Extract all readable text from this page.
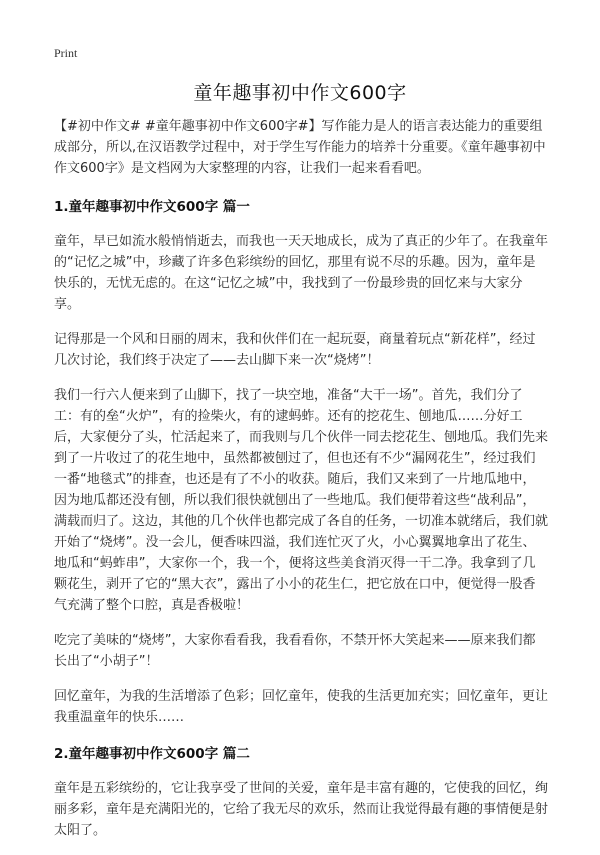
Print
童年趣事初中作文600字

【#初中作文# #童年趣事初中作文600字#】写作能力是人的语言表达能力的重要组成部分，所以,在汉语教学过程中，对于学生写作能力的培养十分重要。《童年趣事初中作文600字》是文档网为大家整理的内容，让我们一起来看看吧。

1.童年趣事初中作文600字 篇一

童年，早已如流水般悄悄逝去，而我也一天天地成长，成为了真正的少年了。在我童年的“记忆之城”中，珍藏了许多色彩缤纷的回忆，那里有说不尽的乐趣。因为，童年是快乐的，无忧无虑的。在这“记忆之城”中，我找到了一份最珍贵的回忆来与大家分享。

记得那是一个风和日丽的周末，我和伙伴们在一起玩耍，商量着玩点“新花样”，经过几次讨论，我们终于决定了——去山脚下来一次“烧烤”！

我们一行六人便来到了山脚下，找了一块空地，准备“大干一场”。首先，我们分了工：有的垒“火炉”，有的捡柴火，有的逮蚂蚱。还有的挖花生、刨地瓜……分好工后，大家便分了头，忙活起来了，而我则与几个伙伴一同去挖花生、刨地瓜。我们先来到了一片收过了的花生地中，虽然都被刨过了，但也还有不少“漏网花生”，经过我们一番“地毯式”的排查，也还是有了不小的收获。随后，我们又来到了一片地瓜地中，因为地瓜都还没有刨，所以我们很快就刨出了一些地瓜。我们便带着这些“战利品”，满载而归了。这边，其他的几个伙伴也都完成了各自的任务，一切准本就绪后，我们就开始了“烧烤”。没一会儿，便香味四溢，我们连忙灭了火，小心翼翼地拿出了花生、地瓜和“蚂蚱串”，大家你一个，我一个，便将这些美食消灭得一干二净。我拿到了几颗花生，剥开了它的“黑大衣”，露出了小小的花生仁，把它放在口中，便觉得一股香气充满了整个口腔，真是香极啦！

吃完了美味的“烧烤”，大家你看看我，我看看你，不禁开怀大笑起来——原来我们都长出了“小胡子”！

回忆童年，为我的生活增添了色彩；回忆童年，使我的生活更加充实；回忆童年，更让我重温童年的快乐……

2.童年趣事初中作文600字 篇二

童年是五彩缤纷的，它让我享受了世间的关爱，童年是丰富有趣的，它使我的回忆，绚丽多彩，童年是充满阳光的，它给了我无尽的欢乐，然而让我觉得最有趣的事情便是射太阳了。
